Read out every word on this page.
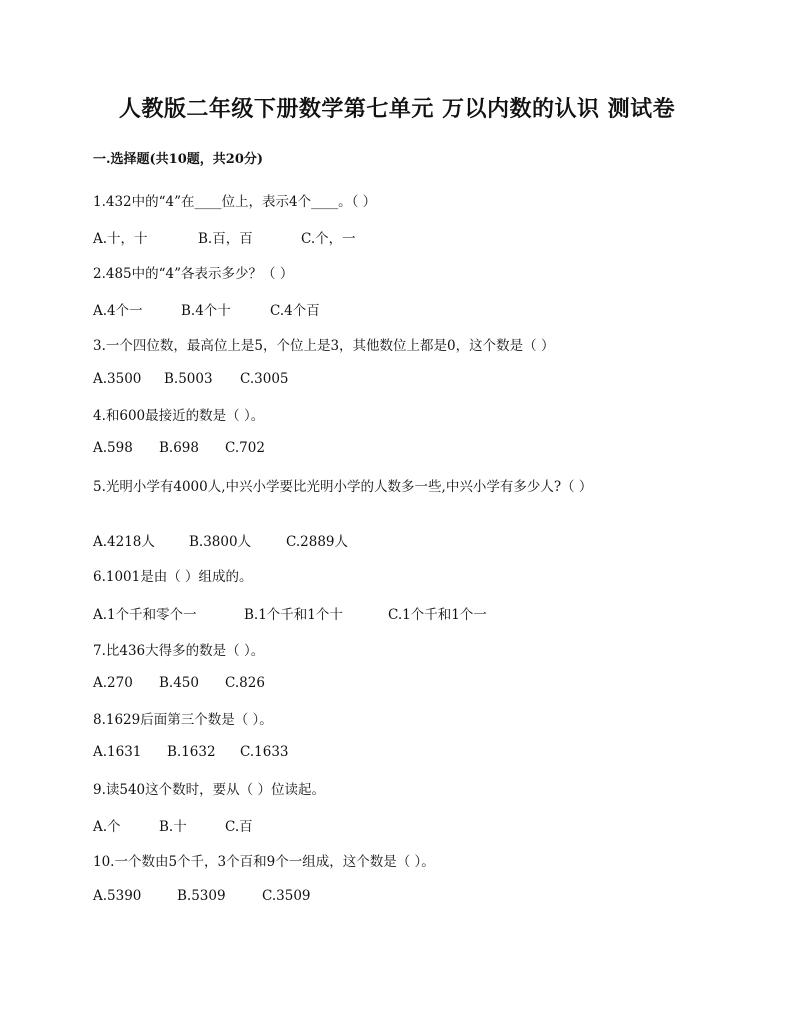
人教版二年级下册数学第七单元 万以内数的认识 测试卷
一.选择题(共10题，共20分)
1.432中的“4”在____位上，表示4个____。（ ）
A.十，十	B.百，百	C.个，一
2.485中的“4”各表示多少？（ ）
A.4个一	B.4个十	C.4个百
3.一个四位数，最高位上是5，个位上是3，其他数位上都是0，这个数是（ ）
A.3500 B.5003 C.3005
4.和600最接近的数是（ ）。
A.598 B.698 C.702
5.光明小学有4000人,中兴小学要比光明小学的人数多一些,中兴小学有多少人?（ ）
A.4218人	B.3800人	C.2889人
6.1001是由（ ）组成的。
A.1个千和零个一	B.1个千和1个十	C.1个千和1个一
7.比436大得多的数是（ ）。
A.270 B.450 C.826
8.1629后面第三个数是（ ）。
A.1631 B.1632 C.1633
9.读540这个数时，要从（ ）位读起。
A.个	B.十	C.百
10.一个数由5个千，3个百和9个一组成，这个数是（ ）。
A.5390	B.5309	C.3509
